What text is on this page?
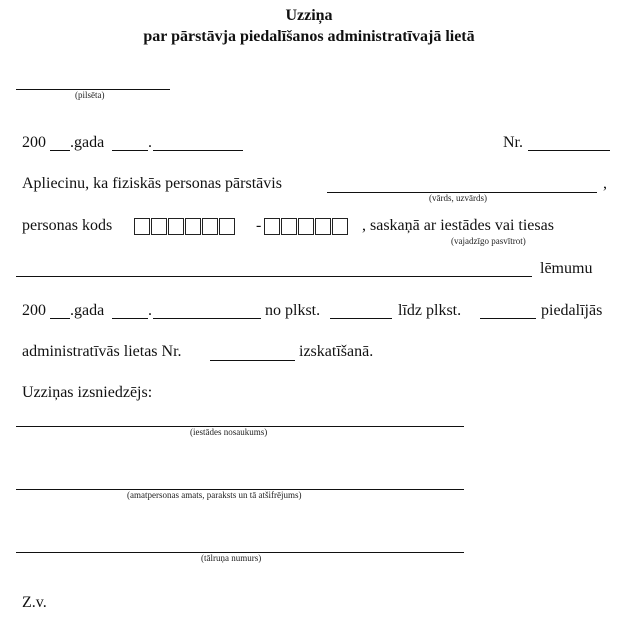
Uzziņa
par pārstāvja piedalīšanos administratīvajā lietā
(pilsēta)
200 .gada	.	Nr.
Apliecinu, ka fiziskās personas pārstāvis	,
(vārds, uzvārds)
personas kods	-	, saskaņā ar iestādes vai tiesas
(vajadzīgo pasvītrot)
lēmumu
200 .gada	.	no plkst.	līdz plkst.	piedalījās
administratīvās lietas Nr.	izskatīšanā.
Uzziņas izsniedzējs:
(iestādes nosaukums)
(amatpersonas amats, paraksts un tā atšifrējums)
(tālruņa numurs)
Z.v.
